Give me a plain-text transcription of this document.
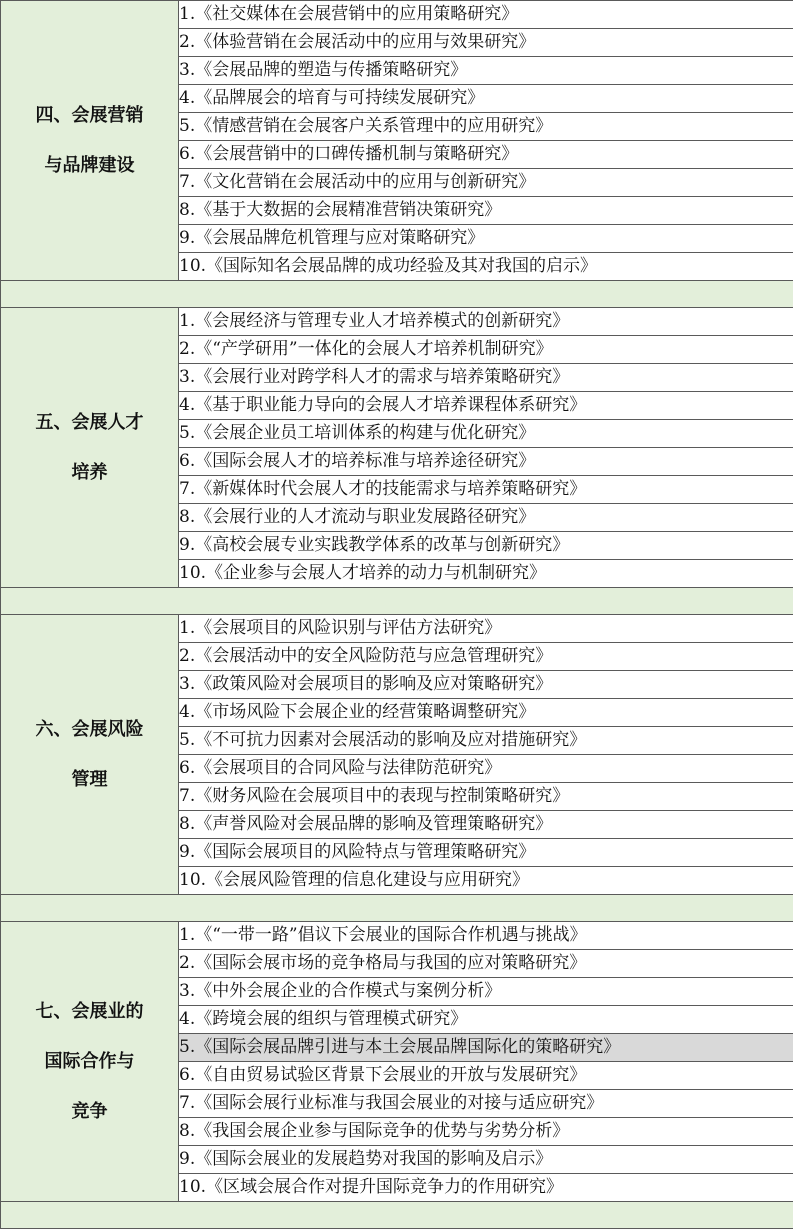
四、会展营销
与品牌建设	1.《社交媒体在会展营销中的应用策略研究》
	2.《体验营销在会展活动中的应用与效果研究》
	3.《会展品牌的塑造与传播策略研究》
	4.《品牌展会的培育与可持续发展研究》
	5.《情感营销在会展客户关系管理中的应用研究》
	6.《会展营销中的口碑传播机制与策略研究》
	7.《文化营销在会展活动中的应用与创新研究》
	8.《基于大数据的会展精准营销决策研究》
	9.《会展品牌危机管理与应对策略研究》
	10.《国际知名会展品牌的成功经验及其对我国的启示》

五、会展人才
培养	1.《会展经济与管理专业人才培养模式的创新研究》
	2.《“产学研用”一体化的会展人才培养机制研究》
	3.《会展行业对跨学科人才的需求与培养策略研究》
	4.《基于职业能力导向的会展人才培养课程体系研究》
	5.《会展企业员工培训体系的构建与优化研究》
	6.《国际会展人才的培养标准与培养途径研究》
	7.《新媒体时代会展人才的技能需求与培养策略研究》
	8.《会展行业的人才流动与职业发展路径研究》
	9.《高校会展专业实践教学体系的改革与创新研究》
	10.《企业参与会展人才培养的动力与机制研究》

六、会展风险
管理	1.《会展项目的风险识别与评估方法研究》
	2.《会展活动中的安全风险防范与应急管理研究》
	3.《政策风险对会展项目的影响及应对策略研究》
	4.《市场风险下会展企业的经营策略调整研究》
	5.《不可抗力因素对会展活动的影响及应对措施研究》
	6.《会展项目的合同风险与法律防范研究》
	7.《财务风险在会展项目中的表现与控制策略研究》
	8.《声誉风险对会展品牌的影响及管理策略研究》
	9.《国际会展项目的风险特点与管理策略研究》
	10.《会展风险管理的信息化建设与应用研究》

七、会展业的
国际合作与
竞争	1.《“一带一路”倡议下会展业的国际合作机遇与挑战》
	2.《国际会展市场的竞争格局与我国的应对策略研究》
	3.《中外会展企业的合作模式与案例分析》
	4.《跨境会展的组织与管理模式研究》
	5.《国际会展品牌引进与本土会展品牌国际化的策略研究》
	6.《自由贸易试验区背景下会展业的开放与发展研究》
	7.《国际会展行业标准与我国会展业的对接与适应研究》
	8.《我国会展企业参与国际竞争的优势与劣势分析》
	9.《国际会展业的发展趋势对我国的影响及启示》
	10.《区域会展合作对提升国际竞争力的作用研究》
